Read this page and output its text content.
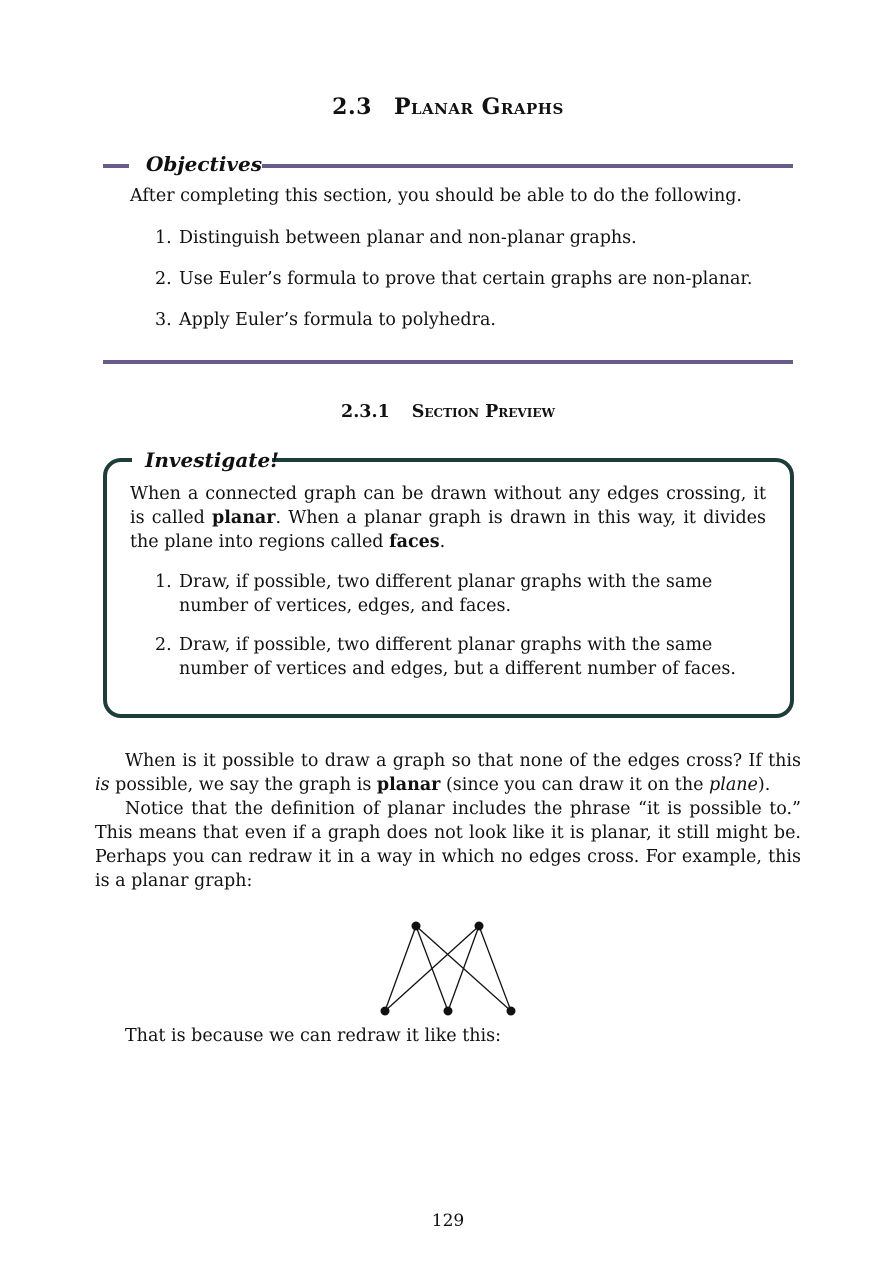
2.3 Planar Graphs
Objectives
After completing this section, you should be able to do the following.
1. Distinguish between planar and non-planar graphs.
2. Use Euler’s formula to prove that certain graphs are non-planar.
3. Apply Euler’s formula to polyhedra.
2.3.1 Section Preview
Investigate!
When a connected graph can be drawn without any edges crossing, it is called planar. When a planar graph is drawn in this way, it divides the plane into regions called faces.
1. Draw, if possible, two different planar graphs with the same number of vertices, edges, and faces.
2. Draw, if possible, two different planar graphs with the same number of vertices and edges, but a different number of faces.
When is it possible to draw a graph so that none of the edges cross? If this is possible, we say the graph is planar (since you can draw it on the plane).
Notice that the definition of planar includes the phrase “it is possible to.” This means that even if a graph does not look like it is planar, it still might be. Perhaps you can redraw it in a way in which no edges cross. For example, this is a planar graph:
That is because we can redraw it like this:
129
